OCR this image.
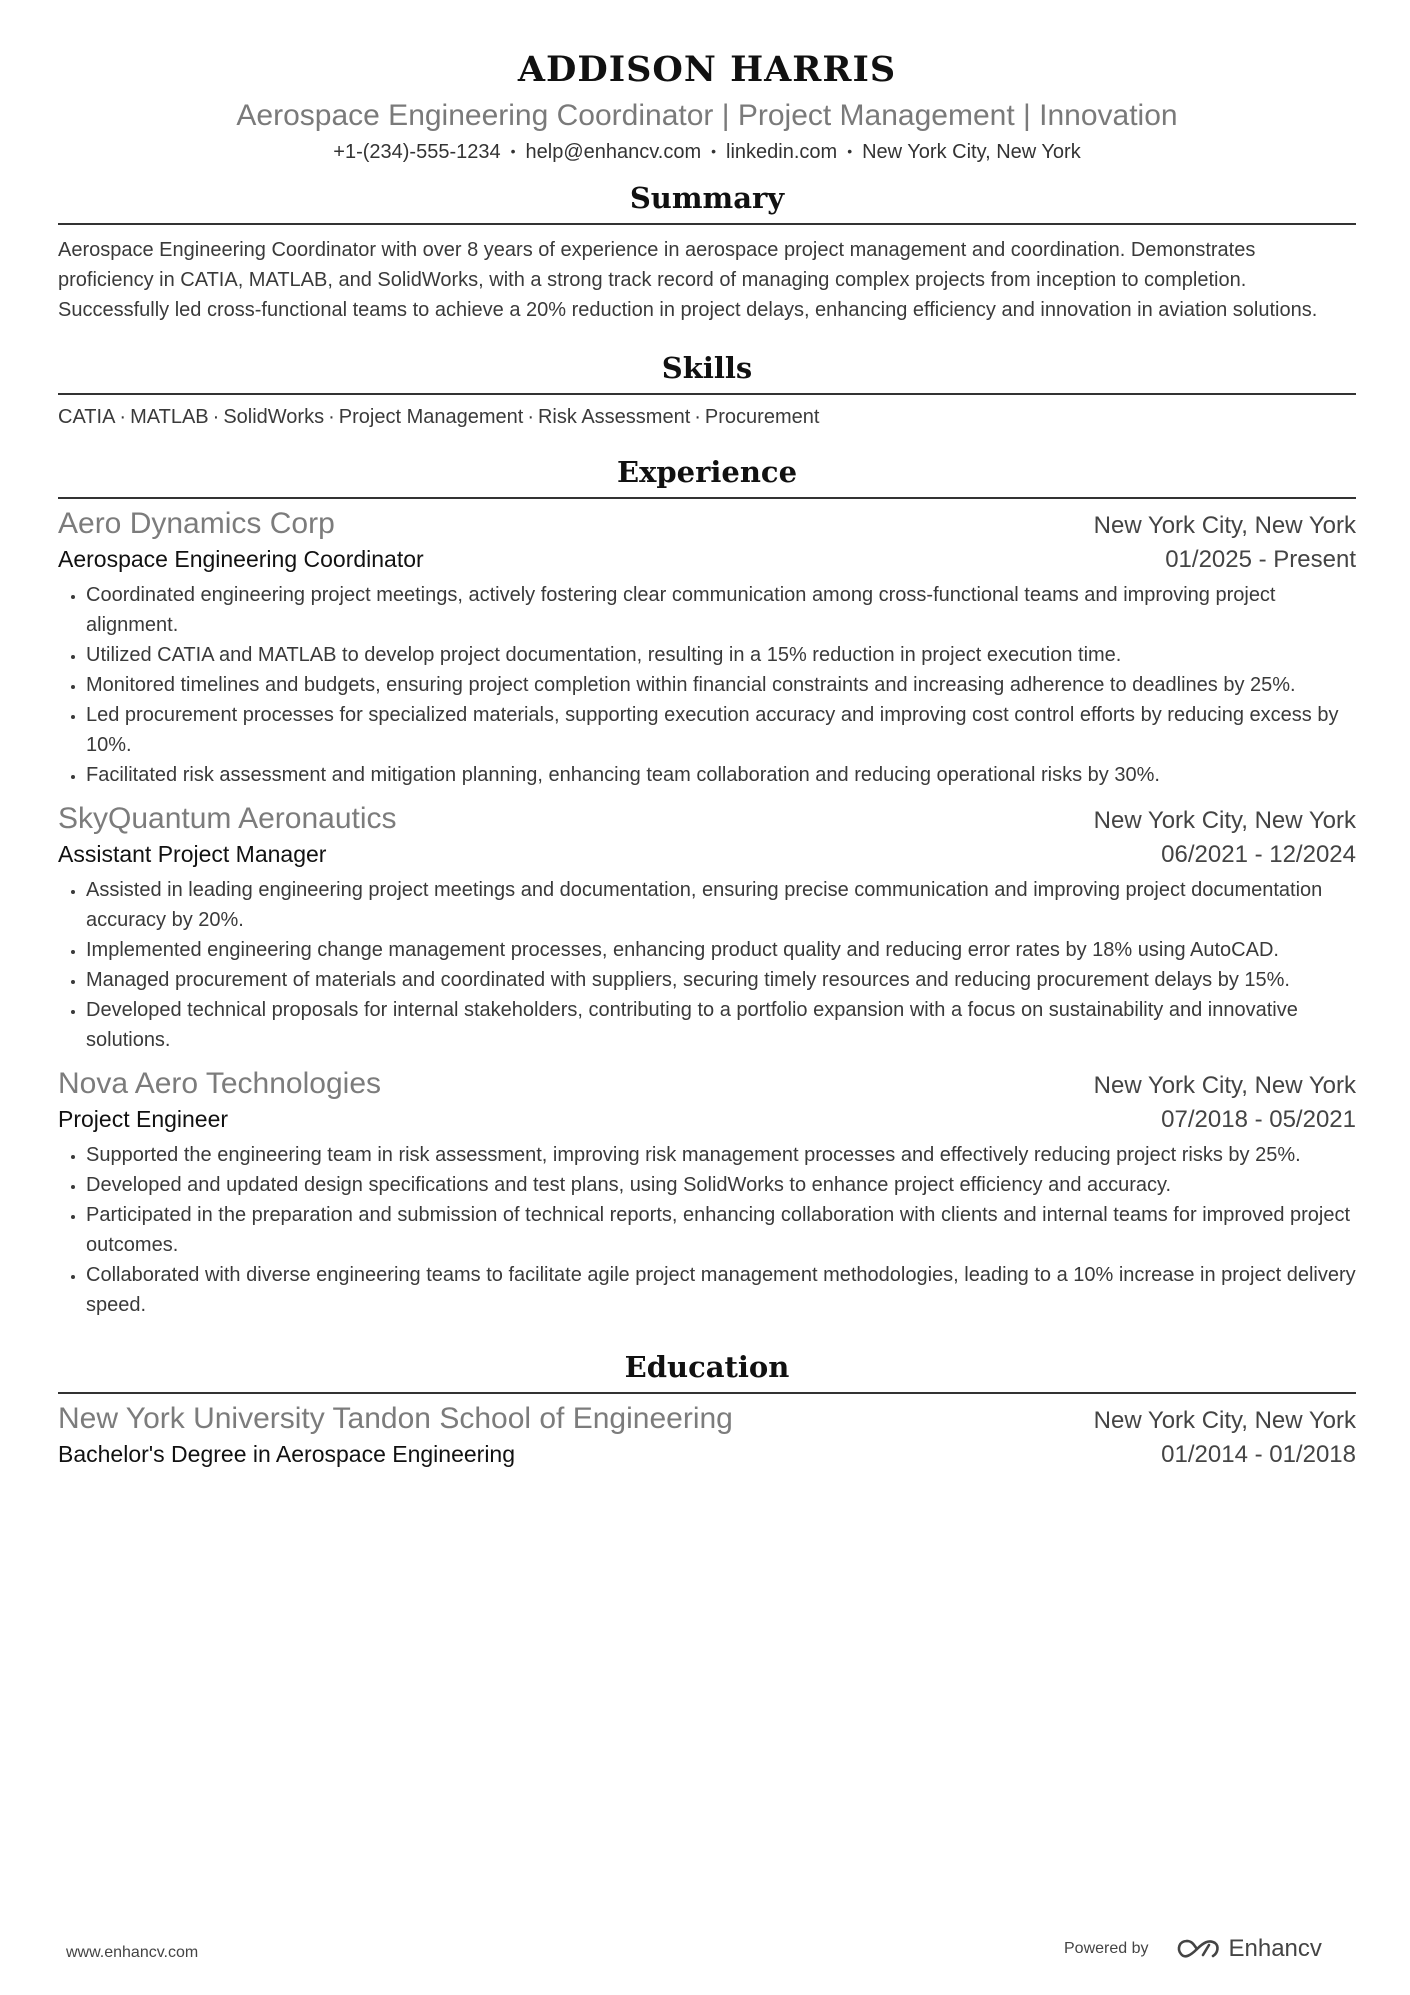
ADDISON HARRIS
Aerospace Engineering Coordinator | Project Management | Innovation
+1-(234)-555-1234 • help@enhancv.com • linkedin.com • New York City, New York
Summary
Aerospace Engineering Coordinator with over 8 years of experience in aerospace project management and coordination. Demonstrates proficiency in CATIA, MATLAB, and SolidWorks, with a strong track record of managing complex projects from inception to completion. Successfully led cross-functional teams to achieve a 20% reduction in project delays, enhancing efficiency and innovation in aviation solutions.
Skills
CATIA · MATLAB · SolidWorks · Project Management · Risk Assessment · Procurement
Experience
Aero Dynamics Corp	New York City, New York
Aerospace Engineering Coordinator	01/2025 - Present
• Coordinated engineering project meetings, actively fostering clear communication among cross-functional teams and improving project alignment.
• Utilized CATIA and MATLAB to develop project documentation, resulting in a 15% reduction in project execution time.
• Monitored timelines and budgets, ensuring project completion within financial constraints and increasing adherence to deadlines by 25%.
• Led procurement processes for specialized materials, supporting execution accuracy and improving cost control efforts by reducing excess by 10%.
• Facilitated risk assessment and mitigation planning, enhancing team collaboration and reducing operational risks by 30%.
SkyQuantum Aeronautics	New York City, New York
Assistant Project Manager	06/2021 - 12/2024
• Assisted in leading engineering project meetings and documentation, ensuring precise communication and improving project documentation accuracy by 20%.
• Implemented engineering change management processes, enhancing product quality and reducing error rates by 18% using AutoCAD.
• Managed procurement of materials and coordinated with suppliers, securing timely resources and reducing procurement delays by 15%.
• Developed technical proposals for internal stakeholders, contributing to a portfolio expansion with a focus on sustainability and innovative solutions.
Nova Aero Technologies	New York City, New York
Project Engineer	07/2018 - 05/2021
• Supported the engineering team in risk assessment, improving risk management processes and effectively reducing project risks by 25%.
• Developed and updated design specifications and test plans, using SolidWorks to enhance project efficiency and accuracy.
• Participated in the preparation and submission of technical reports, enhancing collaboration with clients and internal teams for improved project outcomes.
• Collaborated with diverse engineering teams to facilitate agile project management methodologies, leading to a 10% increase in project delivery speed.
Education
New York University Tandon School of Engineering	New York City, New York
Bachelor's Degree in Aerospace Engineering	01/2014 - 01/2018
www.enhancv.com	Powered by	Enhancv
